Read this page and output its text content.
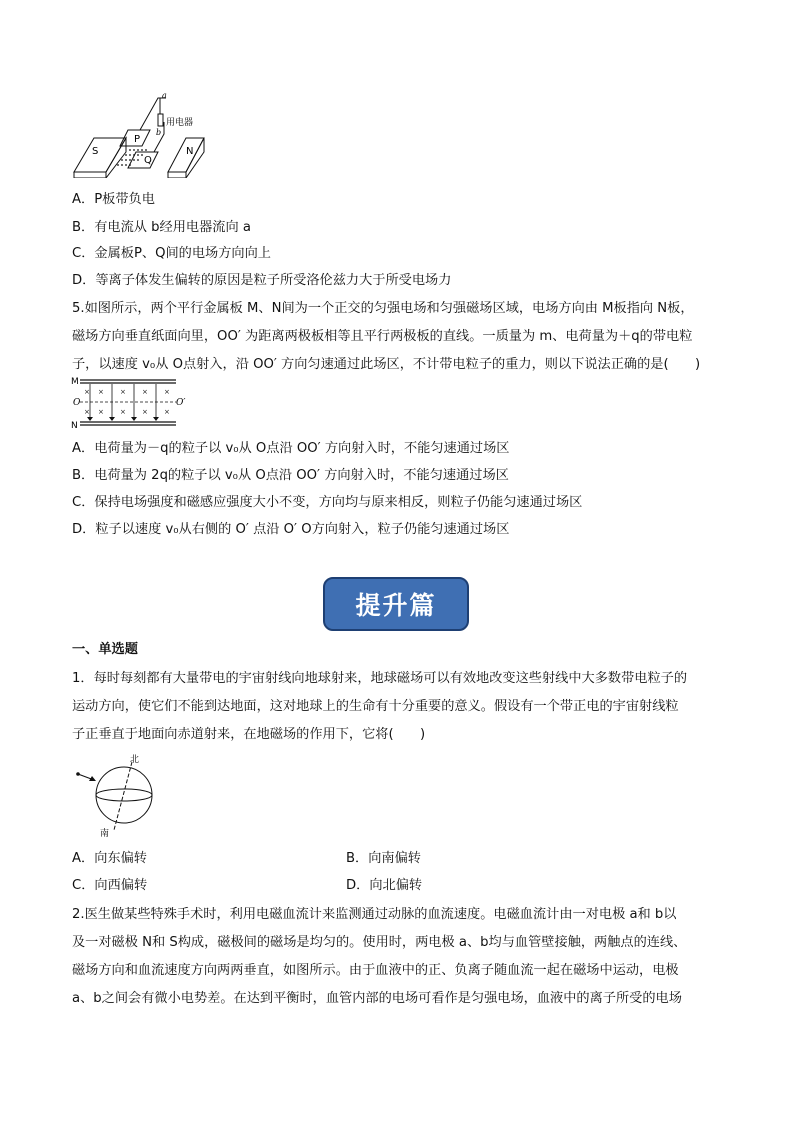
a
b
用电器
S
P
Q
N
A．P板带负电
B．有电流从 b经用电器流向 a
C．金属板P、Q间的电场方向向上
D．等离子体发生偏转的原因是粒子所受洛伦兹力大于所受电场力
5.如图所示，两个平行金属板 M、N间为一个正交的匀强电场和匀强磁场区域，电场方向由 M板指向 N板，
磁场方向垂直纸面向里，OO′ 为距离两极板相等且平行两极板的直线。一质量为 m、电荷量为＋q的带电粒
子，以速度 v₀从 O点射入，沿 OO′ 方向匀速通过此场区，不计带电粒子的重力，则以下说法正确的是(　　)
× × × × ×
× × × × ×
M
N
O	O′
A．电荷量为－q的粒子以 v₀从 O点沿 OO′ 方向射入时，不能匀速通过场区
B．电荷量为 2q的粒子以 v₀从 O点沿 OO′ 方向射入时，不能匀速通过场区
C．保持电场强度和磁感应强度大小不变，方向均与原来相反，则粒子仍能匀速通过场区
D．粒子以速度 v₀从右侧的 O′ 点沿 O′ O方向射入，粒子仍能匀速通过场区
提升篇
一、单选题
1．每时每刻都有大量带电的宇宙射线向地球射来，地球磁场可以有效地改变这些射线中大多数带电粒子的
运动方向，使它们不能到达地面，这对地球上的生命有十分重要的意义。假设有一个带正电的宇宙射线粒
子正垂直于地面向赤道射来，在地磁场的作用下，它将(　　)
北
南
A．向东偏转	B．向南偏转
C．向西偏转	D．向北偏转
2.医生做某些特殊手术时，利用电磁血流计来监测通过动脉的血流速度。电磁血流计由一对电极 a和 b以
及一对磁极 N和 S构成，磁极间的磁场是均匀的。使用时，两电极 a、b均与血管壁接触，两触点的连线、
磁场方向和血流速度方向两两垂直，如图所示。由于血液中的正、负离子随血流一起在磁场中运动，电极
a、b之间会有微小电势差。在达到平衡时，血管内部的电场可看作是匀强电场，血液中的离子所受的电场
